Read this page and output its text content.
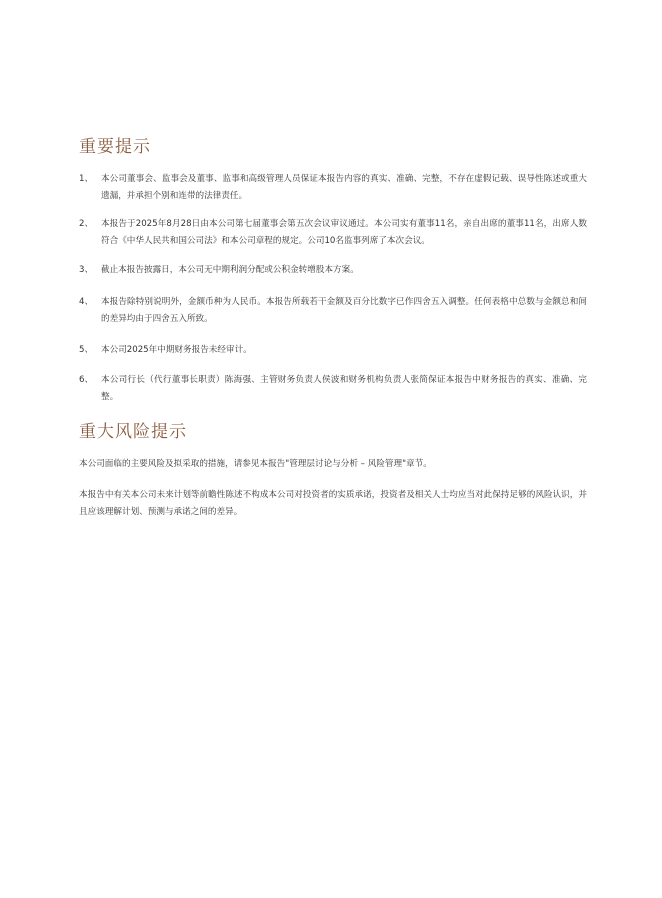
重要提示
1、 本公司董事会、监事会及董事、监事和高级管理人员保证本报告内容的真实、准确、完整，不存在虚假记载、误导性陈述或重大遗漏，并承担个别和连带的法律责任。
2、 本报告于2025年8月28日由本公司第七届董事会第五次会议审议通过。本公司实有董事11名，亲自出席的董事11名，出席人数符合《中华人民共和国公司法》和本公司章程的规定。公司10名监事列席了本次会议。
3、 截止本报告披露日，本公司无中期利润分配或公积金转增股本方案。
4、 本报告除特别说明外，金额币种为人民币。本报告所载若干金额及百分比数字已作四舍五入调整。任何表格中总数与金额总和间的差异均由于四舍五入所致。
5、 本公司2025年中期财务报告未经审计。
6、 本公司行长（代行董事长职责）陈海强、主管财务负责人侯波和财务机构负责人张简保证本报告中财务报告的真实、准确、完整。
重大风险提示

本公司面临的主要风险及拟采取的措施，请参见本报告"管理层讨论与分析 – 风险管理"章节。

本报告中有关本公司未来计划等前瞻性陈述不构成本公司对投资者的实质承诺，投资者及相关人士均应当对此保持足够的风险认识，并且应该理解计划、预测与承诺之间的差异。
